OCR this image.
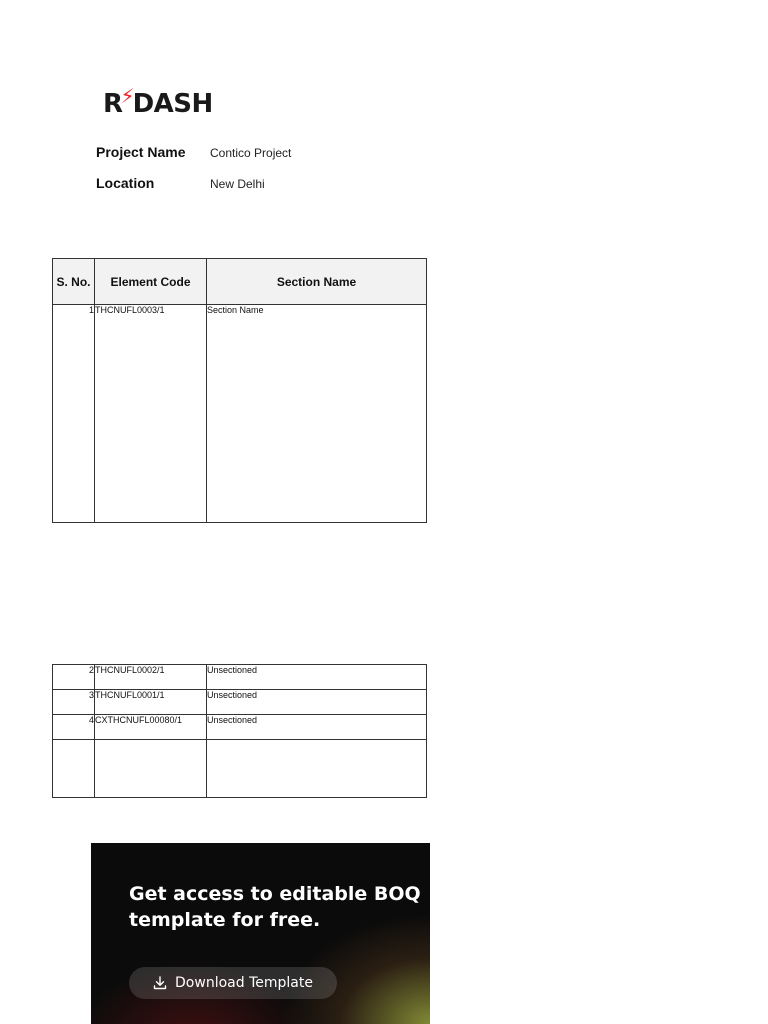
R
⚡
DASH
Project Name	Contico Project
Location	New Delhi
S. No.	Element Code	Section Name
1	THCNUFL0003/1	Section Name
2	THCNUFL0002/1	Unsectioned
3	THCNUFL0001/1	Unsectioned
4	CXTHCNUFL00080/1	Unsectioned

Get access to editable BOQ template for free.
Download Template
